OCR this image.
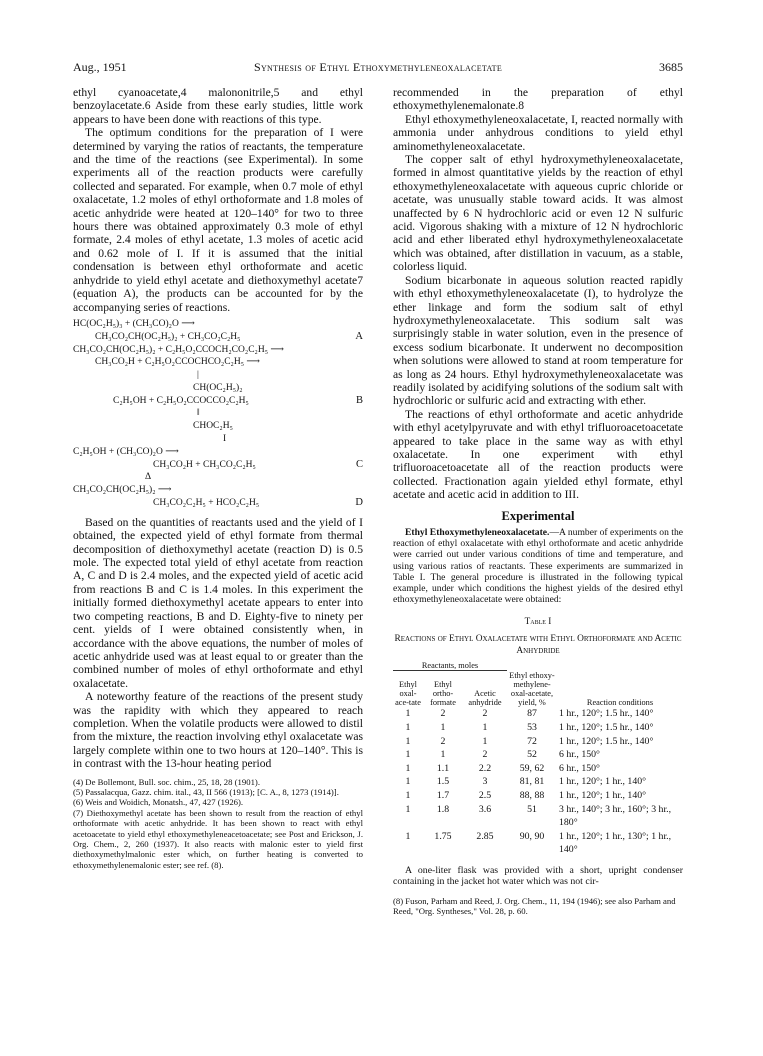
Aug., 1951	Synthesis of Ethyl Ethoxymethyleneoxalacetate	3685

ethyl cyanoacetate,4 malononitrile,5 and ethyl benzoylacetate.6 Aside from these early studies, little work appears to have been done with reactions of this type.

The optimum conditions for the preparation of I were determined by varying the ratios of reactants, the temperature and the time of the reactions (see Experimental). In some experiments all of the reaction products were carefully collected and separated. For example, when 0.7 mole of ethyl oxalacetate, 1.2 moles of ethyl orthoformate and 1.8 moles of acetic anhydride were heated at 120–140° for two to three hours there was obtained approximately 0.3 mole of ethyl formate, 2.4 moles of ethyl acetate, 1.3 moles of acetic acid and 0.62 mole of I. If it is assumed that the initial condensation is between ethyl orthoformate and acetic anhydride to yield ethyl acetate and diethoxymethyl acetate7 (equation A), the products can be accounted for by the accompanying series of reactions.

HC(OC₂H₅)₃ + (CH₃CO)₂O ⟶
CH₃CO₂CH(OC₂H₅)₂ + CH₃CO₂C₂H₅	A
CH₃CO₂CH(OC₂H₅)₂ + C₂H₅O₂CCOCH₂CO₂C₂H₅ ⟶
CH₃CO₂H + C₂H₅O₂CCOCHCO₂C₂H₅ ⟶
|
CH(OC₂H₅)₂
C₂H₅OH + C₂H₅O₂CCOCCO₂C₂H₅	B
‖
CHOC₂H₅
I
C₂H₅OH + (CH₃CO)₂O ⟶
CH₃CO₂H + CH₃CO₂C₂H₅	C
Δ
CH₃CO₂CH(OC₂H₅)₂ ⟶
CH₃CO₂C₂H₅ + HCO₂C₂H₅	D

Based on the quantities of reactants used and the yield of I obtained, the expected yield of ethyl formate from thermal decomposition of diethoxymethyl acetate (reaction D) is 0.5 mole. The expected total yield of ethyl acetate from reaction A, C and D is 2.4 moles, and the expected yield of acetic acid from reactions B and C is 1.4 moles. In this experiment the initially formed diethoxymethyl acetate appears to enter into two competing reactions, B and D. Eighty-five to ninety per cent. yields of I were obtained consistently when, in accordance with the above equations, the number of moles of acetic anhydride used was at least equal to or greater than the combined number of moles of ethyl orthoformate and ethyl oxalacetate.

A noteworthy feature of the reactions of the present study was the rapidity with which they appeared to reach completion. When the volatile products were allowed to distil from the mixture, the reaction involving ethyl oxalacetate was largely complete within one to two hours at 120–140°. This is in contrast with the 13-hour heating period

(4) De Bollemont, Bull. soc. chim., 25, 18, 28 (1901).
(5) Passalacqua, Gazz. chim. ital., 43, II 566 (1913); [C. A., 8, 1273 (1914)].
(6) Weis and Woidich, Monatsh., 47, 427 (1926).
(7) Diethoxymethyl acetate has been shown to result from the reaction of ethyl orthoformate with acetic anhydride. It has been shown to react with ethyl acetoacetate to yield ethyl ethoxymethyleneacetoacetate; see Post and Erickson, J. Org. Chem., 2, 260 (1937). It also reacts with malonic ester to yield first diethoxymethylmalonic ester which, on further heating is converted to ethoxymethylenemalonic ester; see ref. (8).

recommended in the preparation of ethyl ethoxymethylenemalonate.8

Ethyl ethoxymethyleneoxalacetate, I, reacted normally with ammonia under anhydrous conditions to yield ethyl aminomethyleneoxalacetate.

The copper salt of ethyl hydroxymethyleneoxalacetate, formed in almost quantitative yields by the reaction of ethyl ethoxymethyleneoxalacetate with aqueous cupric chloride or acetate, was unusually stable toward acids. It was almost unaffected by 6 N hydrochloric acid or even 12 N sulfuric acid. Vigorous shaking with a mixture of 12 N hydrochloric acid and ether liberated ethyl hydroxymethyleneoxalacetate which was obtained, after distillation in vacuum, as a stable, colorless liquid.

Sodium bicarbonate in aqueous solution reacted rapidly with ethyl ethoxymethyleneoxalacetate (I), to hydrolyze the ether linkage and form the sodium salt of ethyl hydroxymethyleneoxalacetate. This sodium salt was surprisingly stable in water solution, even in the presence of excess sodium bicarbonate. It underwent no decomposition when solutions were allowed to stand at room temperature for as long as 24 hours. Ethyl hydroxymethyleneoxalacetate was readily isolated by acidifying solutions of the sodium salt with hydrochloric or sulfuric acid and extracting with ether.

The reactions of ethyl orthoformate and acetic anhydride with ethyl acetylpyruvate and with ethyl trifluoroacetoacetate appeared to take place in the same way as with ethyl oxalacetate. In one experiment with ethyl trifluoroacetoacetate all of the reaction products were collected. Fractionation again yielded ethyl formate, ethyl acetate and acetic acid in addition to III.

Experimental

Ethyl Ethoxymethyleneoxalacetate.—A number of experiments on the reaction of ethyl oxalacetate with ethyl orthoformate and acetic anhydride were carried out under various conditions of time and temperature, and using various ratios of reactants. These experiments are summarized in Table I. The general procedure is illustrated in the following typical example, under which conditions the highest yields of the desired ethyl ethoxymethyleneoxalacetate were obtained:

Table I
Reactions of Ethyl Oxalacetate with Ethyl Orthoformate and Acetic Anhydride
Reactants, moles				
Ethyl oxal-ace-tate	Ethyl ortho-formate	Acetic anhydride	Ethyl ethoxy-methylene-oxal-acetate, yield, %	Reaction conditions
1	2	2	87	1 hr., 120°; 1.5 hr., 140°
1	1	1	53	1 hr., 120°; 1.5 hr., 140°
1	2	1	72	1 hr., 120°; 1.5 hr., 140°
1	1	2	52	6 hr., 150°
1	1.1	2.2	59, 62	6 hr., 150°
1	1.5	3	81, 81	1 hr., 120°; 1 hr., 140°
1	1.7	2.5	88, 88	1 hr., 120°; 1 hr., 140°
1	1.8	3.6	51	3 hr., 140°; 3 hr., 160°; 3 hr., 180°
1	1.75	2.85	90, 90	1 hr., 120°; 1 hr., 130°; 1 hr., 140°

A one-liter flask was provided with a short, upright condenser containing in the jacket hot water which was not cir-

(8) Fuson, Parham and Reed, J. Org. Chem., 11, 194 (1946); see also Parham and Reed, "Org. Syntheses," Vol. 28, p. 60.
